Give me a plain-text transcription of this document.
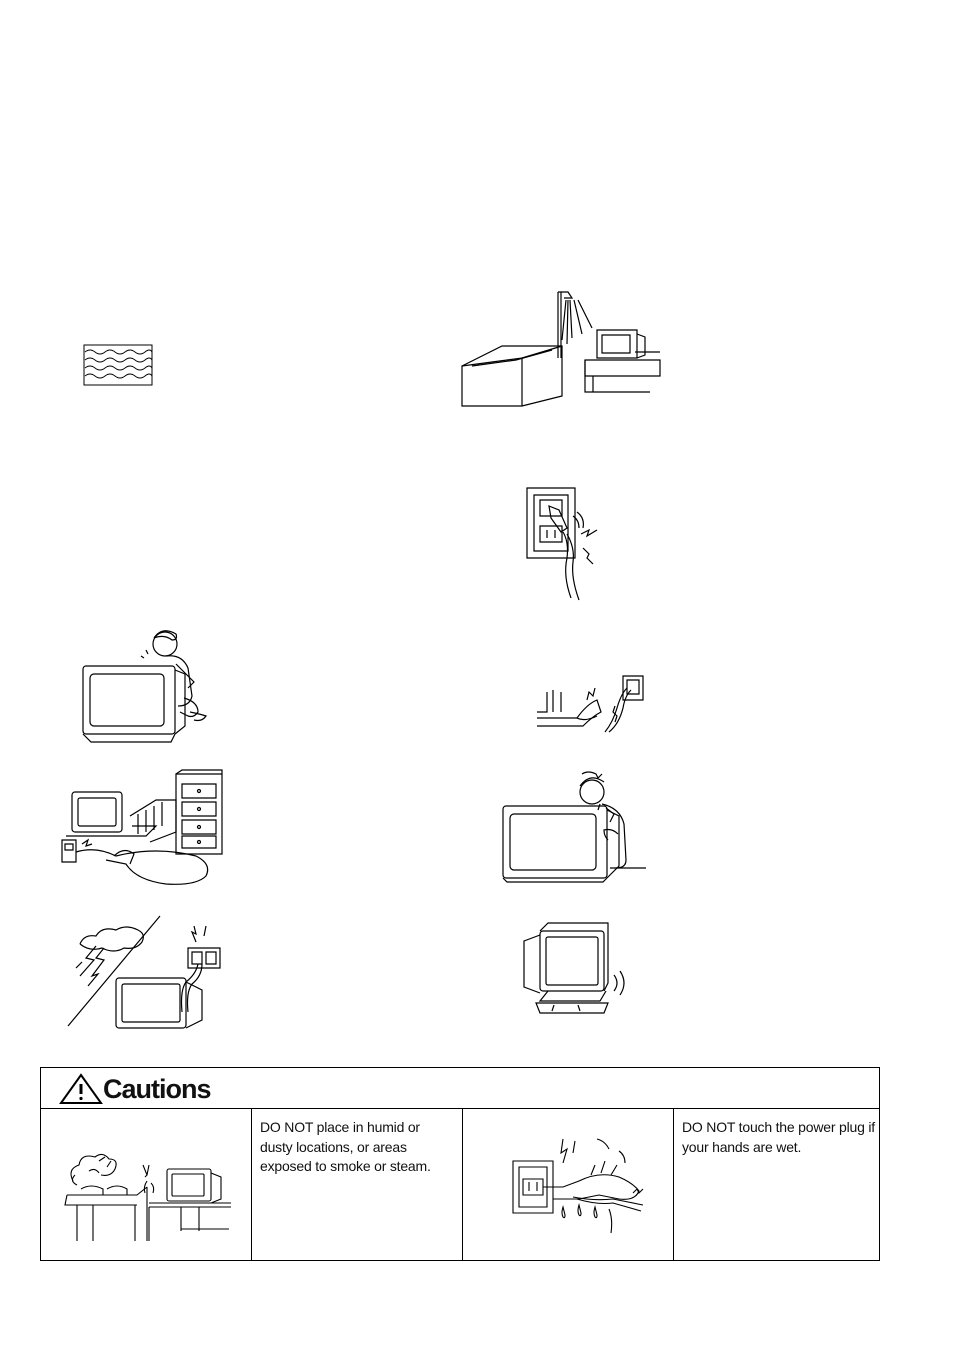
Cautions
DO NOT place in humid or dusty locations, or areas exposed to smoke or steam.
DO NOT touch the power plug if your hands are wet.
